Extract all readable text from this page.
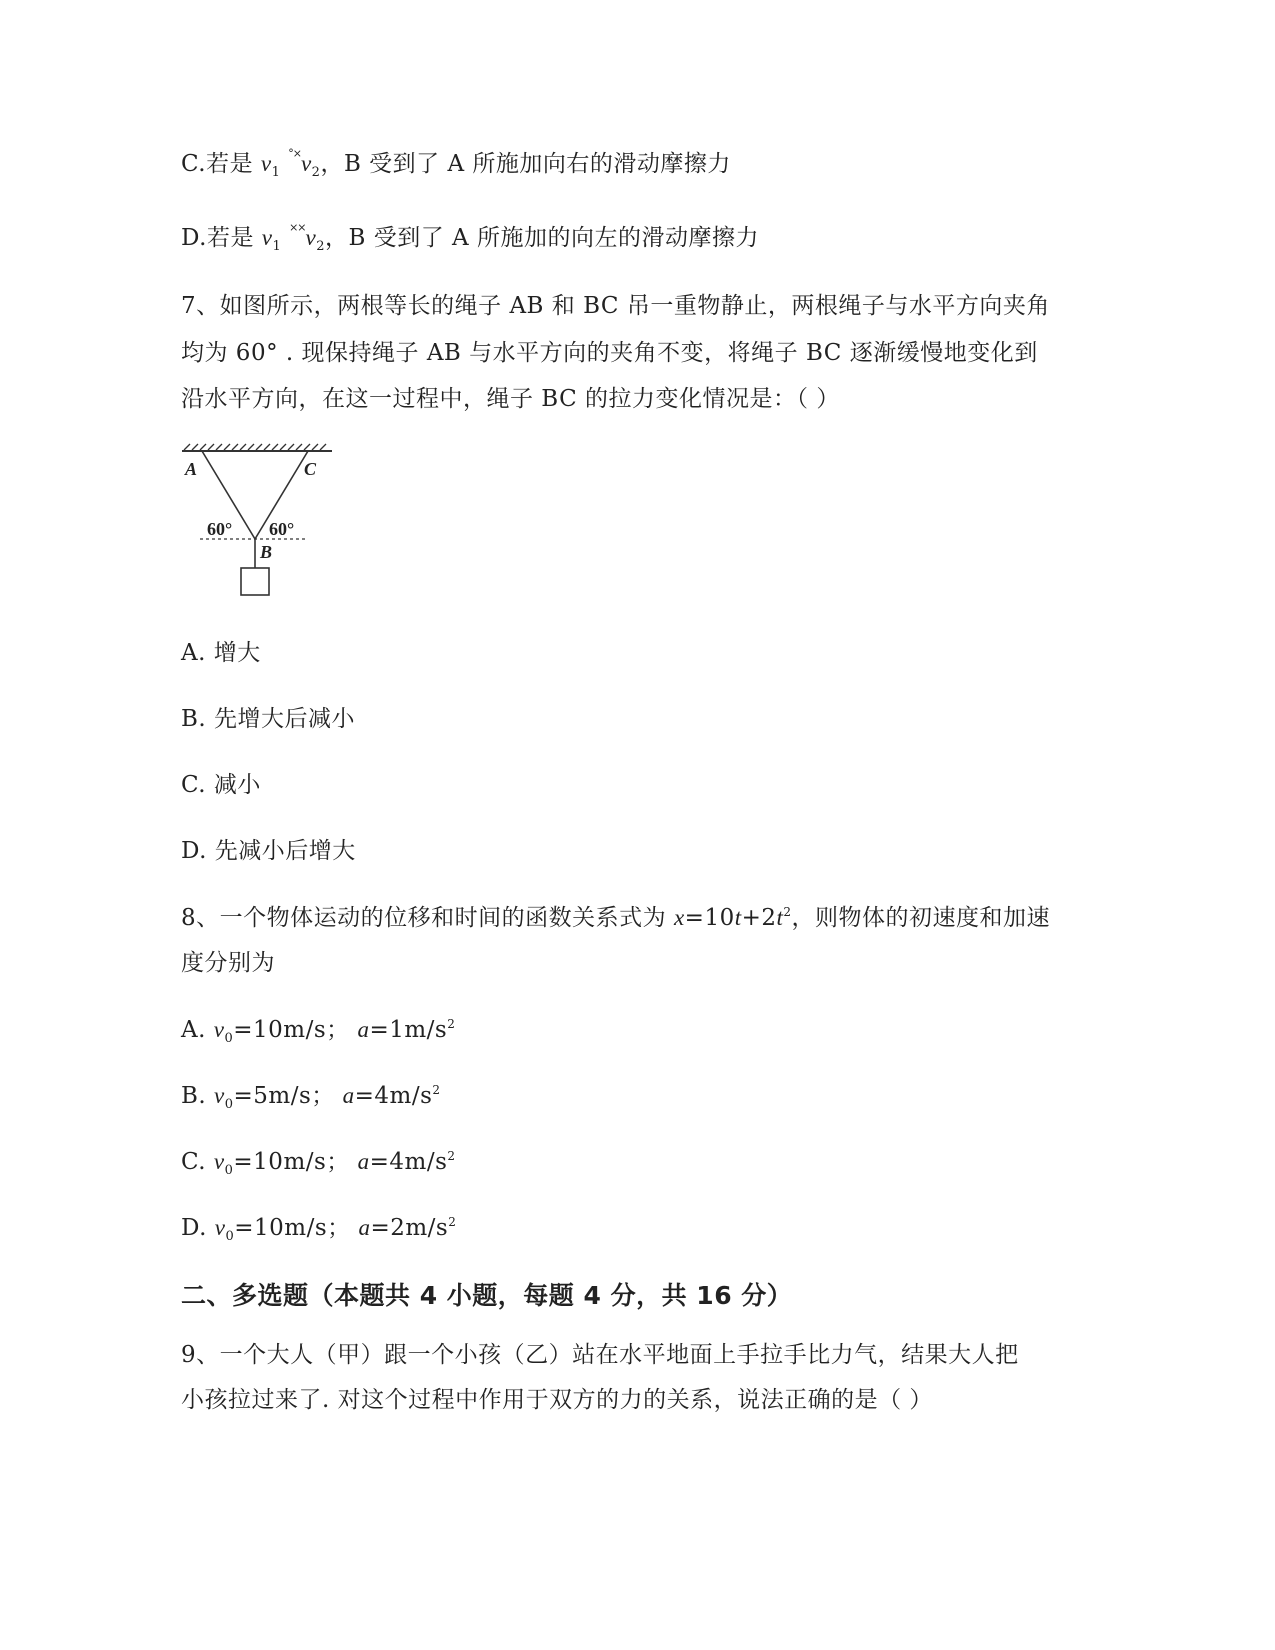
C.若是 $v_1$ $^{^\circ\times}v_2$，B 受到了 A 所施加向右的滑动摩擦力
D.若是 $v_1$ $^{\times\times}v_2$，B 受到了 A 所施加的向左的滑动摩擦力
7、如图所示，两根等长的绳子 AB 和 BC 吊一重物静止，两根绳子与水平方向夹角
均为 60° . 现保持绳子 AB 与水平方向的夹角不变，将绳子 BC 逐渐缓慢地变化到
沿水平方向，在这一过程中，绳子 BC 的拉力变化情况是：（ ）
A	C
B
60° 60°
A. 增大
B. 先增大后减小
C. 减小
D. 先减小后增大
8、一个物体运动的位移和时间的函数关系式为 $x=10t+2t^2$，则物体的初速度和加速
度分别为
A. $v_0=10m/s$； $a=1m/s^2$
B. $v_0=5m/s$； $a=4m/s^2$
C. $v_0=10m/s$； $a=4m/s^2$
D. $v_0=10m/s$； $a=2m/s^2$
二、多选题（本题共 4 小题，每题 4 分，共 16 分）
9、一个大人（甲）跟一个小孩（乙）站在水平地面上手拉手比力气，结果大人把
小孩拉过来了. 对这个过程中作用于双方的力的关系，说法正确的是（ ）
